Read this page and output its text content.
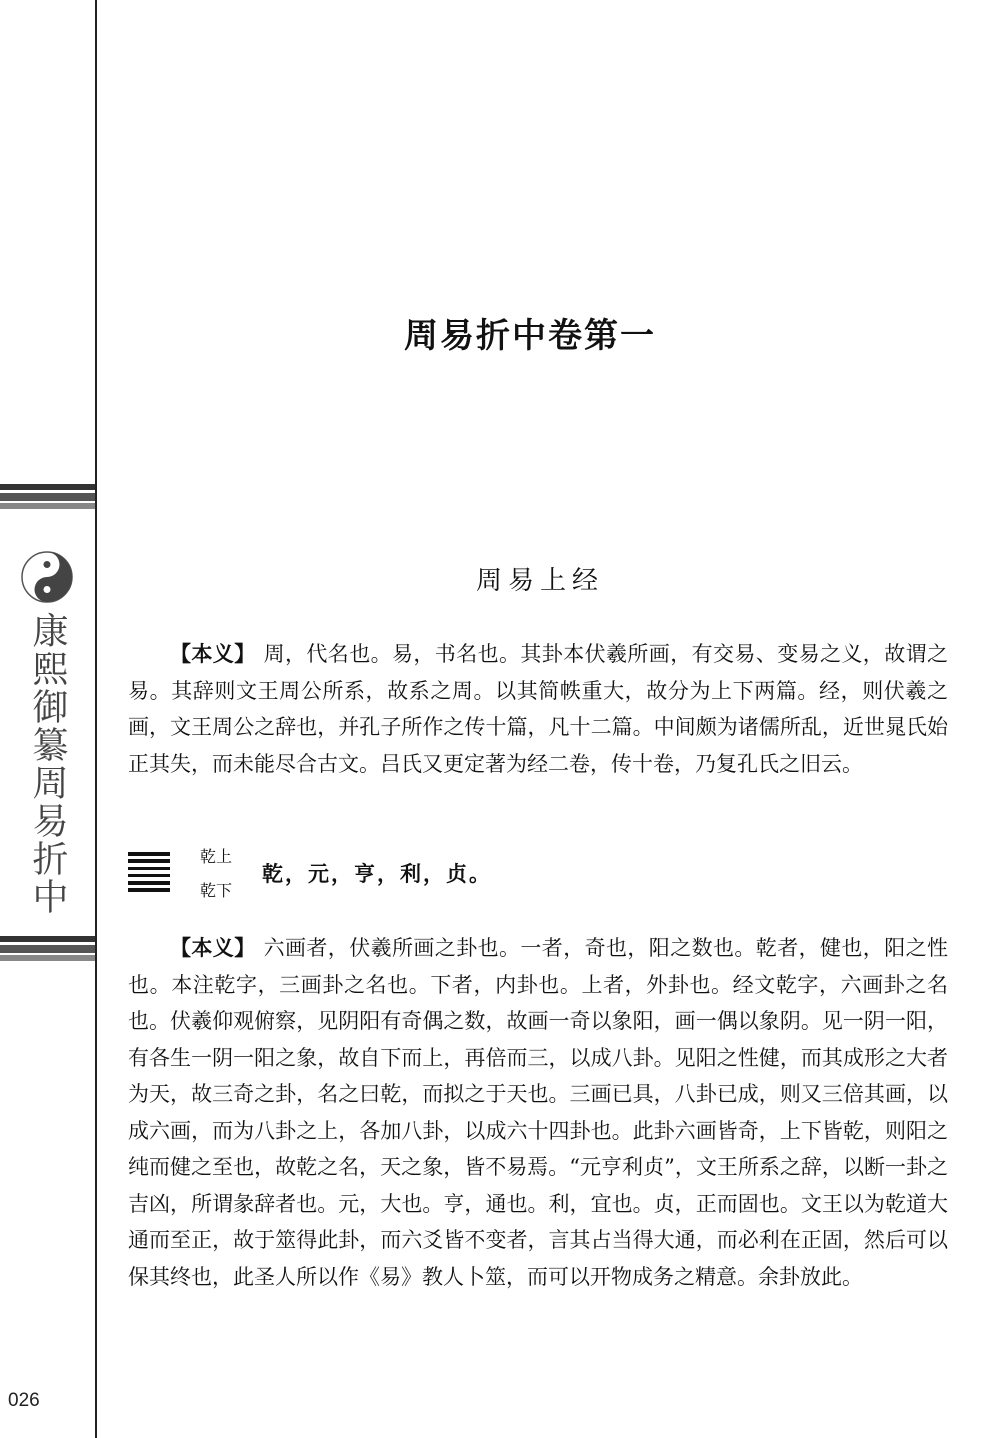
康熙御纂周易折中
026
周易折中卷第一
周易上经
【本义】 周，代名也。易，书名也。其卦本伏羲所画，有交易、变易之义，故谓之易。其辞则文王周公所系，故系之周。以其简帙重大，故分为上下两篇。经，则伏羲之画，文王周公之辞也，并孔子所作之传十篇，凡十二篇。中间颇为诸儒所乱，近世晁氏始正其失，而未能尽合古文。吕氏又更定著为经二卷，传十卷，乃复孔氏之旧云。
乾上
乾下
乾，元，亨，利，贞。
【本义】 六画者，伏羲所画之卦也。一者，奇也，阳之数也。乾者，健也，阳之性也。本注乾字，三画卦之名也。下者，内卦也。上者，外卦也。经文乾字，六画卦之名也。伏羲仰观俯察，见阴阳有奇偶之数，故画一奇以象阳，画一偶以象阴。见一阴一阳，有各生一阴一阳之象，故自下而上，再倍而三，以成八卦。见阳之性健，而其成形之大者为天，故三奇之卦，名之曰乾，而拟之于天也。三画已具，八卦已成，则又三倍其画，以成六画，而为八卦之上，各加八卦，以成六十四卦也。此卦六画皆奇，上下皆乾，则阳之纯而健之至也，故乾之名，天之象，皆不易焉。“元亨利贞”，文王所系之辞，以断一卦之吉凶，所谓彖辞者也。元，大也。亨，通也。利，宜也。贞，正而固也。文王以为乾道大通而至正，故于筮得此卦，而六爻皆不变者，言其占当得大通，而必利在正固，然后可以保其终也，此圣人所以作《易》教人卜筮，而可以开物成务之精意。余卦放此。
